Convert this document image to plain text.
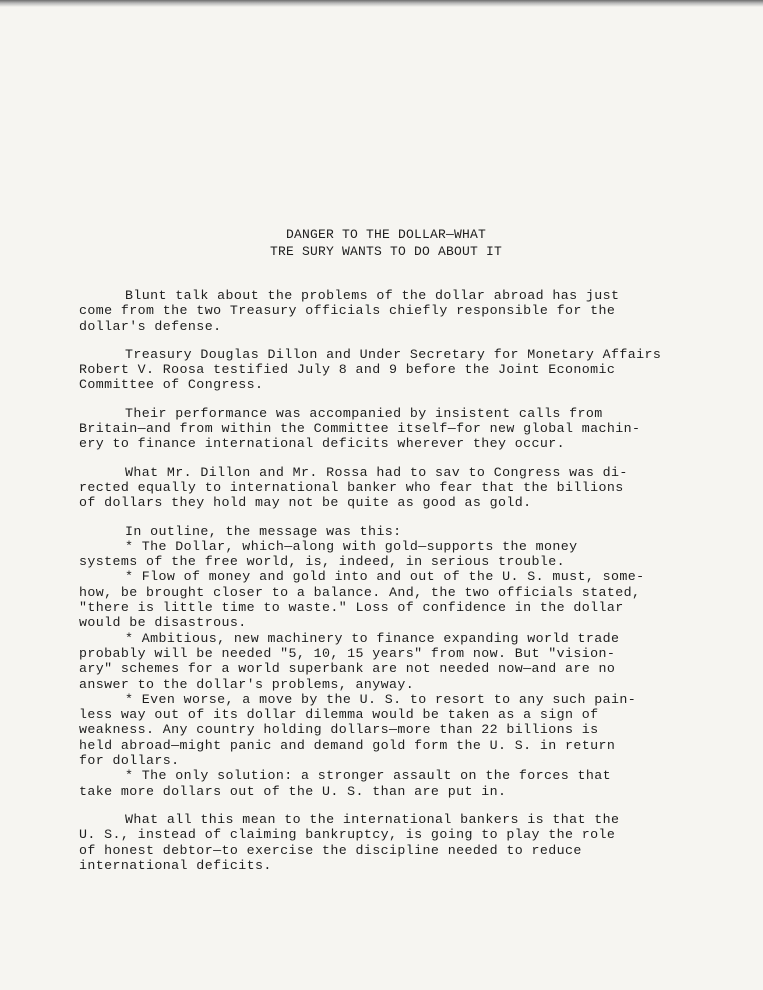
DANGER TO THE DOLLAR—WHAT
TRE SURY WANTS TO DO ABOUT IT

Blunt talk about the problems of the dollar abroad has just
come from the two Treasury officials chiefly responsible for the
dollar's defense.

Treasury Douglas Dillon and Under Secretary for Monetary Affairs
Robert V. Roosa testified July 8 and 9 before the Joint Economic
Committee of Congress.

Their performance was accompanied by insistent calls from
Britain—and from within the Committee itself—for new global machin-
ery to finance international deficits wherever they occur.

What Mr. Dillon and Mr. Rossa had to sav to Congress was di-
rected equally to international banker who fear that the billions
of dollars they hold may not be quite as good as gold.

In outline, the message was this:
* The Dollar, which—along with gold—supports the money
systems of the free world, is, indeed, in serious trouble.
* Flow of money and gold into and out of the U. S. must, some-
how, be brought closer to a balance. And, the two officials stated,
"there is little time to waste." Loss of confidence in the dollar
would be disastrous.
* Ambitious, new machinery to finance expanding world trade
probably will be needed "5, 10, 15 years" from now. But "vision-
ary" schemes for a world superbank are not needed now—and are no
answer to the dollar's problems, anyway.
* Even worse, a move by the U. S. to resort to any such pain-
less way out of its dollar dilemma would be taken as a sign of
weakness. Any country holding dollars—more than 22 billions is
held abroad—might panic and demand gold form the U. S. in return
for dollars.
* The only solution: a stronger assault on the forces that
take more dollars out of the U. S. than are put in.

What all this mean to the international bankers is that the
U. S., instead of claiming bankruptcy, is going to play the role
of honest debtor—to exercise the discipline needed to reduce
international deficits.
